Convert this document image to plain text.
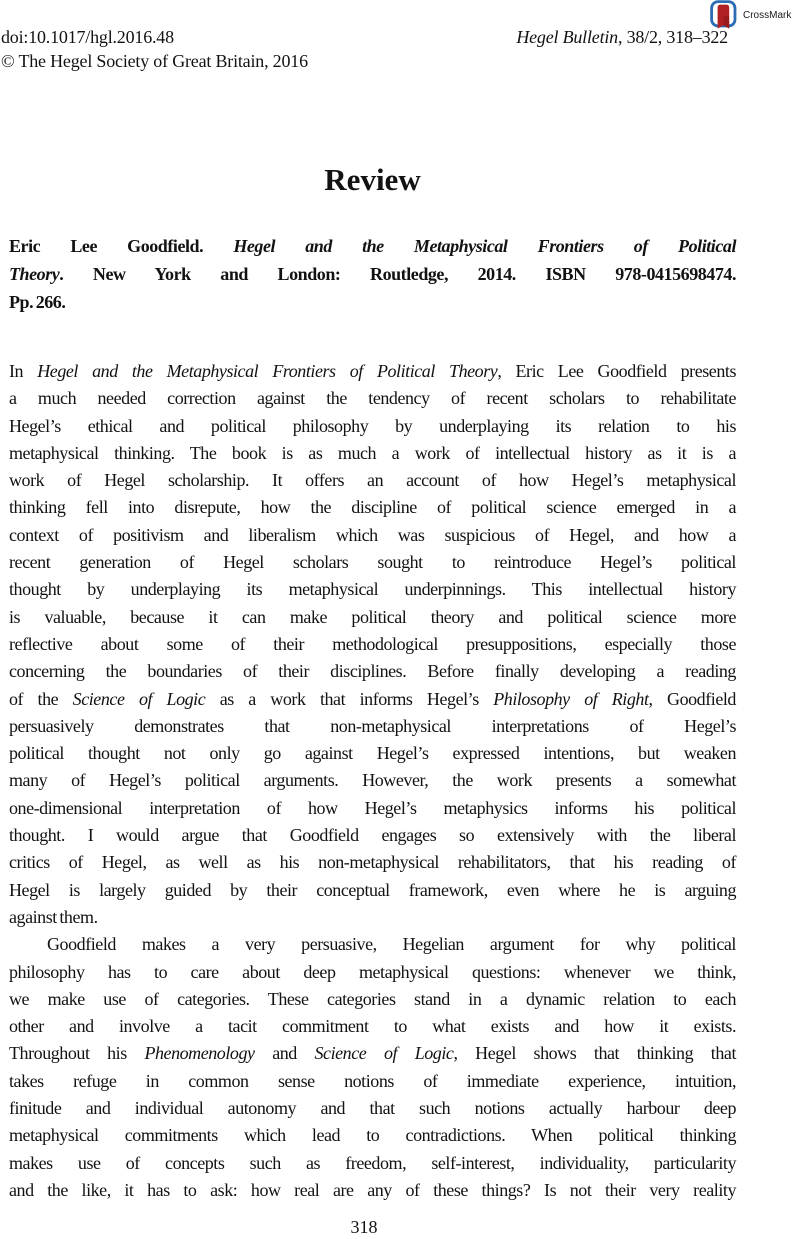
doi:10.1017/hgl.2016.48
© The Hegel Society of Great Britain, 2016
Hegel Bulletin, 38/2, 318–322
CrossMark
Review
Eric Lee Goodfield. Hegel and the Metaphysical Frontiers of Political
Theory. New York and London: Routledge, 2014. ISBN 978-0415698474.
Pp. 266.
In Hegel and the Metaphysical Frontiers of Political Theory, Eric Lee Goodfield presents
a much needed correction against the tendency of recent scholars to rehabilitate
Hegel’s ethical and political philosophy by underplaying its relation to his
metaphysical thinking. The book is as much a work of intellectual history as it is a
work of Hegel scholarship. It offers an account of how Hegel’s metaphysical
thinking fell into disrepute, how the discipline of political science emerged in a
context of positivism and liberalism which was suspicious of Hegel, and how a
recent generation of Hegel scholars sought to reintroduce Hegel’s political
thought by underplaying its metaphysical underpinnings. This intellectual history
is valuable, because it can make political theory and political science more
reflective about some of their methodological presuppositions, especially those
concerning the boundaries of their disciplines. Before finally developing a reading
of the Science of Logic as a work that informs Hegel’s Philosophy of Right, Goodfield
persuasively demonstrates that non-metaphysical interpretations of Hegel’s
political thought not only go against Hegel’s expressed intentions, but weaken
many of Hegel’s political arguments. However, the work presents a somewhat
one-dimensional interpretation of how Hegel’s metaphysics informs his political
thought. I would argue that Goodfield engages so extensively with the liberal
critics of Hegel, as well as his non-metaphysical rehabilitators, that his reading of
Hegel is largely guided by their conceptual framework, even where he is arguing
against them.
Goodfield makes a very persuasive, Hegelian argument for why political
philosophy has to care about deep metaphysical questions: whenever we think,
we make use of categories. These categories stand in a dynamic relation to each
other and involve a tacit commitment to what exists and how it exists.
Throughout his Phenomenology and Science of Logic, Hegel shows that thinking that
takes refuge in common sense notions of immediate experience, intuition,
finitude and individual autonomy and that such notions actually harbour deep
metaphysical commitments which lead to contradictions. When political thinking
makes use of concepts such as freedom, self-interest, individuality, particularity
and the like, it has to ask: how real are any of these things? Is not their very reality
318
